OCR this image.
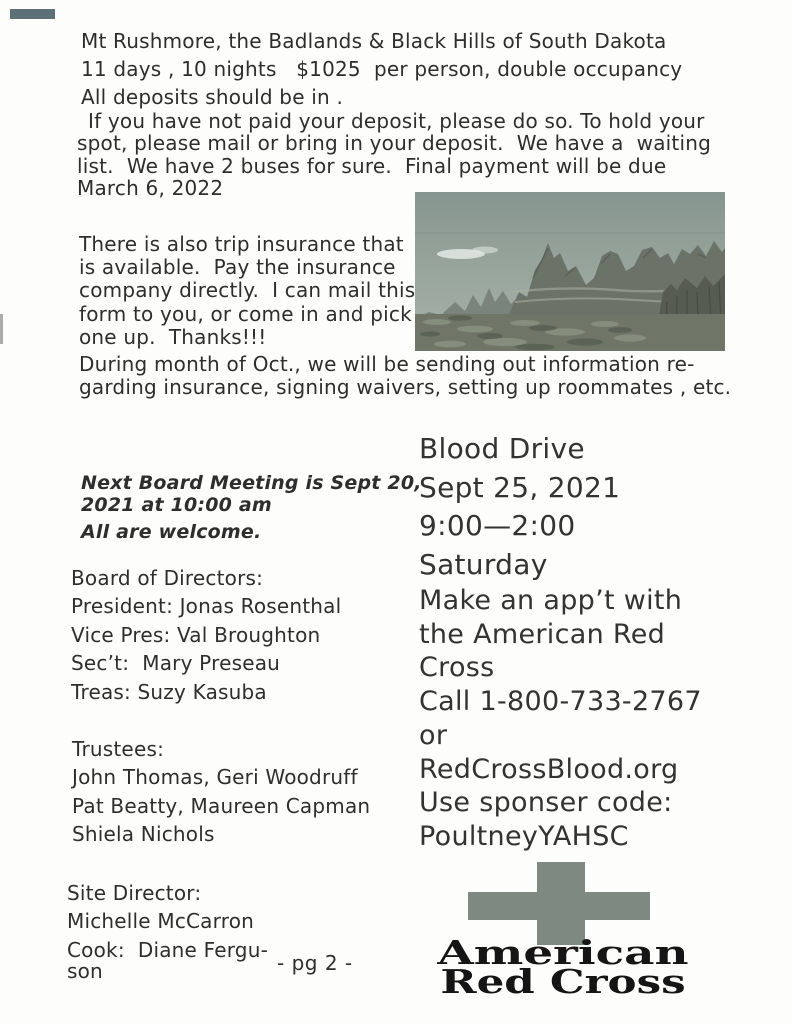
Mt Rushmore, the Badlands & Black Hills of South Dakota
11 days , 10 nights   $1025  per person, double occupancy
All deposits should be in .
If you have not paid your deposit, please do so. To hold your
spot, please mail or bring in your deposit.  We have a  waiting
list.  We have 2 buses for sure.  Final payment will be due
March 6, 2022
There is also trip insurance that
is available.  Pay the insurance
company directly.  I can mail this
form to you, or come in and pick
one up.  Thanks!!!
During month of Oct., we will be sending out information re-
garding insurance, signing waivers, setting up roommates , etc.
Blood Drive
Sept 25, 2021
9:00—2:00
Saturday
Make an app’t with
the American Red
Cross
Call 1-800-733-2767
or
RedCrossBlood.org
Use sponser code:
PoultneyYAHSC
Next Board Meeting is Sept 20,
2021 at 10:00 am
All are welcome.
Board of Directors:
President: Jonas Rosenthal
Vice Pres: Val Broughton
Sec’t:  Mary Preseau
Treas: Suzy Kasuba
Trustees:
John Thomas, Geri Woodruff
Pat Beatty, Maureen Capman
Shiela Nichols
Site Director:
Michelle McCarron
Cook:  Diane Fergu-
son	- pg 2 -	American
Red Cross
